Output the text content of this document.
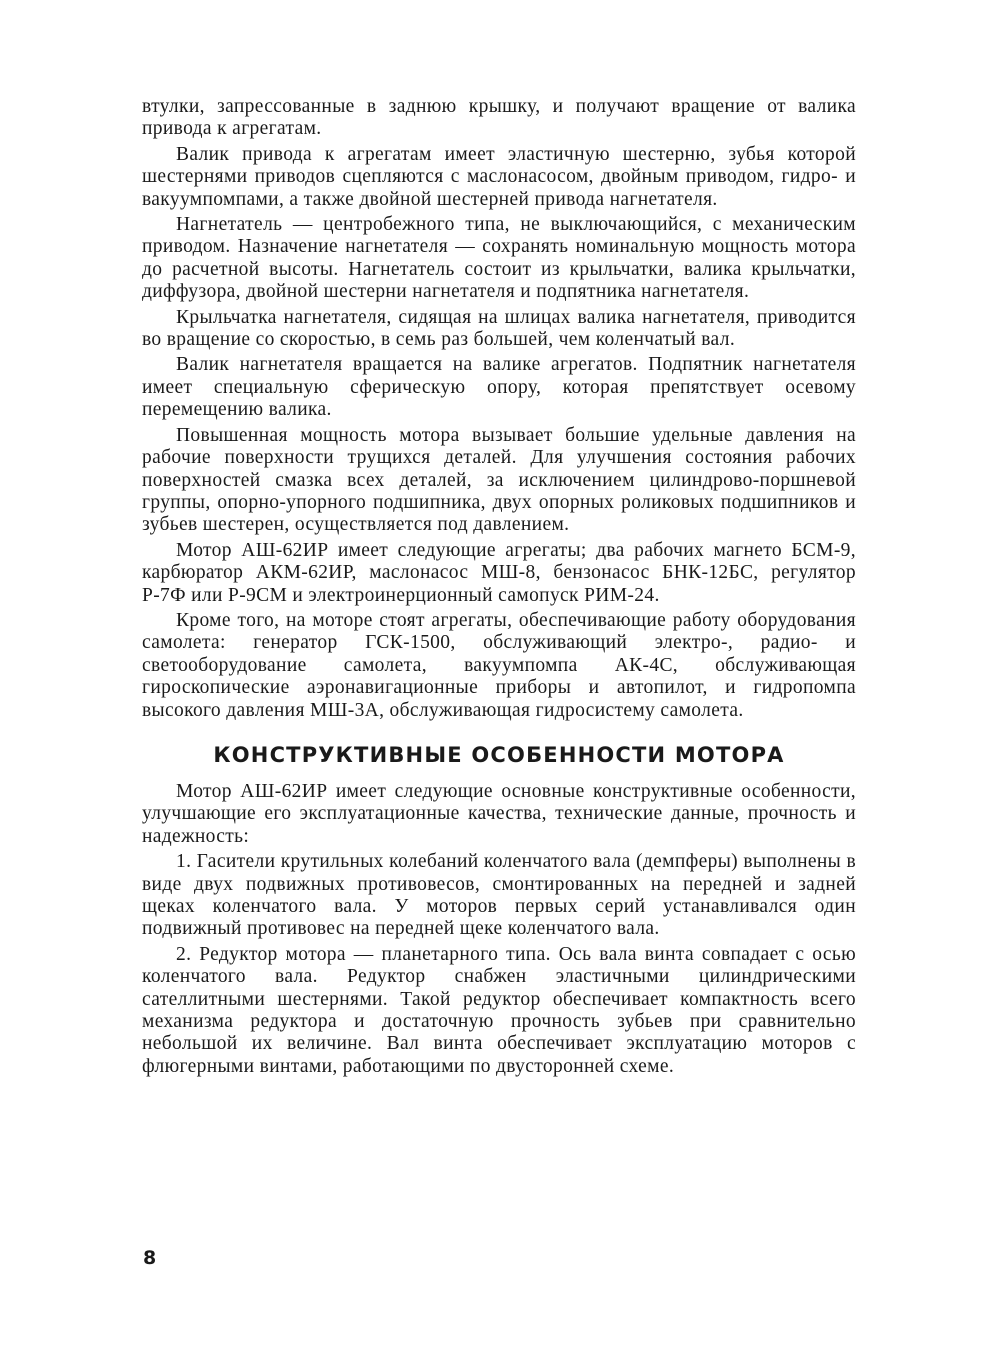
втулки, запрессованные в заднюю крышку, и получают вращение от валика привода к агрегатам.

Валик привода к агрегатам имеет эластичную шестерню, зубья которой шестернями приводов сцепляются с маслонасосом, двойным приводом, гидро- и вакуумпомпами, а также двойной шестерней привода нагнетателя.

Нагнетатель — центробежного типа, не выключающийся, с механическим приводом. Назначение нагнетателя — сохранять номинальную мощность мотора до расчетной высоты. Нагнетатель состоит из крыльчатки, валика крыльчатки, диффузора, двойной шестерни нагнетателя и подпятника нагнетателя.

Крыльчатка нагнетателя, сидящая на шлицах валика нагнетателя, приводится во вращение со скоростью, в семь раз большей, чем коленчатый вал.

Валик нагнетателя вращается на валике агрегатов. Подпятник нагнетателя имеет специальную сферическую опору, которая препятствует осевому перемещению валика.

Повышенная мощность мотора вызывает большие удельные давления на рабочие поверхности трущихся деталей. Для улучшения состояния рабочих поверхностей смазка всех деталей, за исключением цилиндрово-поршневой группы, опорно-упорного подшипника, двух опорных роликовых подшипников и зубьев шестерен, осуществляется под давлением.

Мотор АШ-62ИР имеет следующие агрегаты; два рабочих магнето БСМ-9, карбюратор АКМ-62ИР, маслонасос МШ-8, бензонасос БНК-12БС, регулятор Р-7Ф или Р-9СМ и электроинерционный самопуск РИМ-24.

Кроме того, на моторе стоят агрегаты, обеспечивающие работу оборудования самолета: генератор ГСК-1500, обслуживающий электро-, радио- и светооборудование самолета, вакуумпомпа АК-4С, обслуживающая гироскопические аэронавигационные приборы и автопилот, и гидропомпа высокого давления МШ-3А, обслуживающая гидросистему самолета.

КОНСТРУКТИВНЫЕ ОСОБЕННОСТИ МОТОРА

Мотор АШ-62ИР имеет следующие основные конструктивные особенности, улучшающие его эксплуатационные качества, технические данные, прочность и надежность:

1. Гасители крутильных колебаний коленчатого вала (демпферы) выполнены в виде двух подвижных противовесов, смонтированных на передней и задней щеках коленчатого вала. У моторов первых серий устанавливался один подвижный противовес на передней щеке коленчатого вала.

2. Редуктор мотора — планетарного типа. Ось вала винта совпадает с осью коленчатого вала. Редуктор снабжен эластичными цилиндрическими сателлитными шестернями. Такой редуктор обеспечивает компактность всего механизма редуктора и достаточную прочность зубьев при сравнительно небольшой их величине. Вал винта обеспечивает эксплуатацию моторов с флюгерными винтами, работающими по двусторонней схеме.

8
